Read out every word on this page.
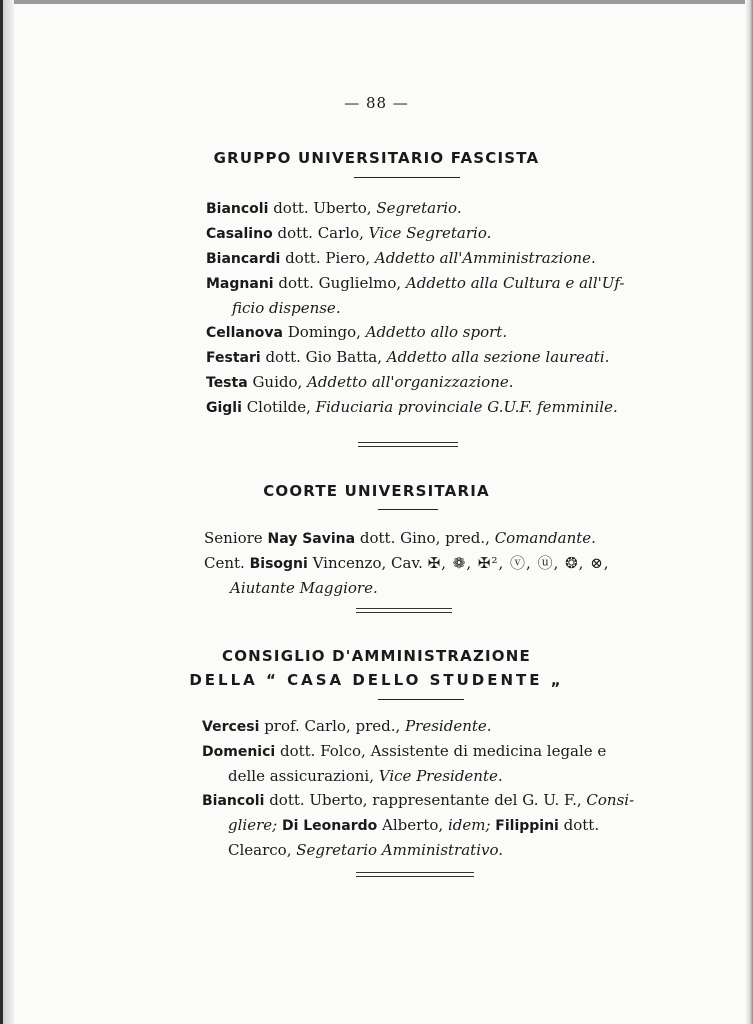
— 88 —
GRUPPO UNIVERSITARIO FASCISTA

Biancoli dott. Uberto, Segretario.

Casalino dott. Carlo, Vice Segretario.

Biancardi dott. Piero, Addetto all'Amministrazione.

Magnani dott. Guglielmo, Addetto alla Cultura e all'Uf-
ficio dispense.

Cellanova Domingo, Addetto allo sport.

Festari dott. Gio Batta, Addetto alla sezione laureati.

Testa Guido, Addetto all'organizzazione.

Gigli Clotilde, Fiduciaria provinciale G.U.F. femminile.

COORTE UNIVERSITARIA

Seniore Nay Savina dott. Gino, pred., Comandante.

Cent. Bisogni Vincenzo, Cav. ✠, ❁, ✠², ⓥ, ⓤ, ❂, ⊗,
Aiutante Maggiore.

CONSIGLIO D'AMMINISTRAZIONE
DELLA “ CASA DELLO STUDENTE „

Vercesi prof. Carlo, pred., Presidente.

Domenici dott. Folco, Assistente di medicina legale e
delle assicurazioni, Vice Presidente.

Biancoli dott. Uberto, rappresentante del G. U. F., Consi-
gliere; Di Leonardo Alberto, idem; Filippini dott.
Clearco, Segretario Amministrativo.
